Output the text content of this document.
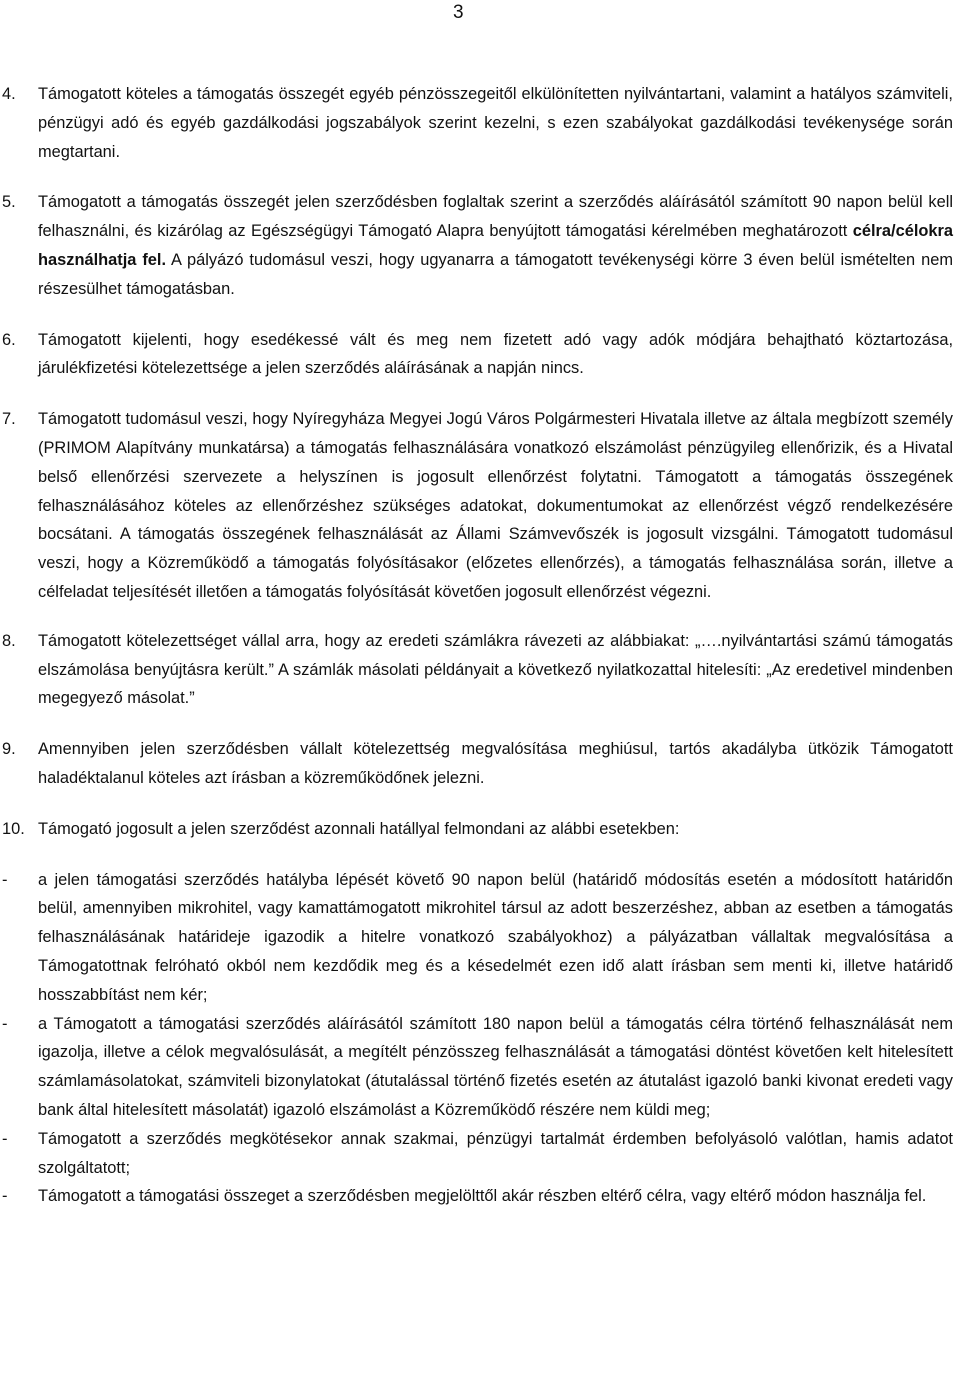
3
4.	Támogatott köteles a támogatás összegét egyéb pénzösszegeitől elkülönítetten nyilvántartani, valamint a hatályos számviteli, pénzügyi adó és egyéb gazdálkodási jogszabályok szerint kezelni, s ezen szabályokat gazdálkodási tevékenysége során megtartani.
5.	Támogatott a támogatás összegét jelen szerződésben foglaltak szerint a szerződés aláírásától számított 90 napon belül kell felhasználni, és kizárólag az Egészségügyi Támogató Alapra benyújtott támogatási kérelmében meghatározott célra/célokra használhatja fel. A pályázó tudomásul veszi, hogy ugyanarra a támogatott tevékenységi körre 3 éven belül ismételten nem részesülhet támogatásban.
6.	Támogatott kijelenti, hogy esedékessé vált és meg nem fizetett adó vagy adók módjára behajtható köztartozása, járulékfizetési kötelezettsége a jelen szerződés aláírásának a napján nincs.
7.	Támogatott tudomásul veszi, hogy Nyíregyháza Megyei Jogú Város Polgármesteri Hivatala illetve az általa megbízott személy (PRIMOM Alapítvány munkatársa) a támogatás felhasználására vonatkozó elszámolást pénzügyileg ellenőrizik, és a Hivatal belső ellenőrzési szervezete a helyszínen is jogosult ellenőrzést folytatni. Támogatott a támogatás összegének felhasználásához köteles az ellenőrzéshez szükséges adatokat, dokumentumokat az ellenőrzést végző rendelkezésére bocsátani. A támogatás összegének felhasználását az Állami Számvevőszék is jogosult vizsgálni. Támogatott tudomásul veszi, hogy a Közreműködő a támogatás folyósításakor (előzetes ellenőrzés), a támogatás felhasználása során, illetve a célfeladat teljesítését illetően a támogatás folyósítását követően jogosult ellenőrzést végezni.
8.	Támogatott kötelezettséget vállal arra, hogy az eredeti számlákra rávezeti az alábbiakat: „….nyilvántartási számú támogatás elszámolása benyújtásra került.” A számlák másolati példányait a következő nyilatkozattal hitelesíti: „Az eredetivel mindenben megegyező másolat.”
9.	Amennyiben jelen szerződésben vállalt kötelezettség megvalósítása meghiúsul, tartós akadályba ütközik Támogatott haladéktalanul köteles azt írásban a közreműködőnek jelezni.
10. Támogató jogosult a jelen szerződést azonnali hatállyal felmondani az alábbi esetekben:
-	a jelen támogatási szerződés hatályba lépését követő 90 napon belül (határidő módosítás esetén a módosított határidőn belül, amennyiben mikrohitel, vagy kamattámogatott mikrohitel társul az adott beszerzéshez, abban az esetben a támogatás felhasználásának határideje igazodik a hitelre vonatkozó szabályokhoz) a pályázatban vállaltak megvalósítása a Támogatottnak felróható okból nem kezdődik meg és a késedelmét ezen idő alatt írásban sem menti ki, illetve határidő hosszabbítást nem kér;
-	a Támogatott a támogatási szerződés aláírásától számított 180 napon belül a támogatás célra történő felhasználását nem igazolja, illetve a célok megvalósulását, a megítélt pénzösszeg felhasználását a támogatási döntést követően kelt hitelesített számlamásolatokat, számviteli bizonylatokat (átutalással történő fizetés esetén az átutalást igazoló banki kivonat eredeti vagy bank által hitelesített másolatát) igazoló elszámolást a Közreműködő részére nem küldi meg;
-	Támogatott a szerződés megkötésekor annak szakmai, pénzügyi tartalmát érdemben befolyásoló valótlan, hamis adatot szolgáltatott;
-	Támogatott a támogatási összeget a szerződésben megjelölttől akár részben eltérő célra, vagy eltérő módon használja fel.
